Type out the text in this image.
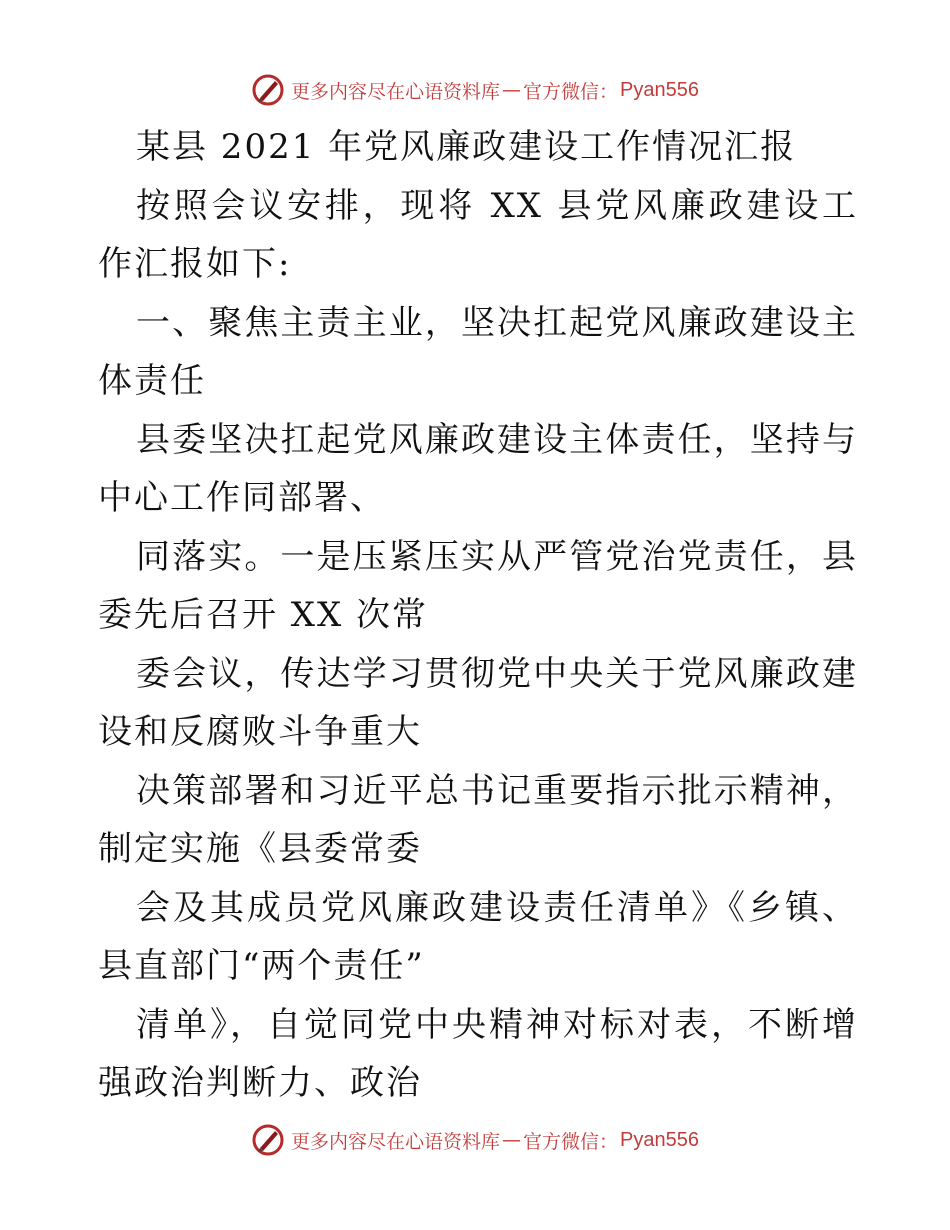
更多内容尽在心语资料库 — 官方微信： Pyan556

某县 2021 年党风廉政建设工作情况汇报

按照会议安排，现将 XX 县党风廉政建设工作汇报如下:

一、聚焦主责主业，坚决扛起党风廉政建设主体责任

县委坚决扛起党风廉政建设主体责任，坚持与中心工作同部署、

同落实。一是压紧压实从严管党治党责任，县委先后召开 XX 次常

委会议，传达学习贯彻党中央关于党风廉政建设和反腐败斗争重大

决策部署和习近平总书记重要指示批示精神，制定实施《县委常委

会及其成员党风廉政建设责任清单》《乡镇、县直部门“两个责任”

清单》，自觉同党中央精神对标对表，不断增强政治判断力、政治

更多内容尽在心语资料库 — 官方微信： Pyan556
